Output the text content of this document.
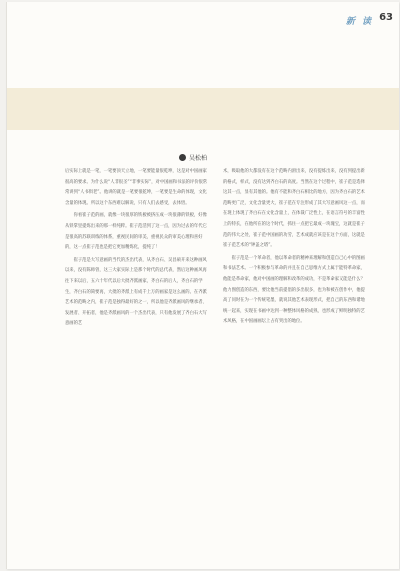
新 读 63
吴松柏

后实际上就是一笔，一笔要顶天立地，一笔要能量很乾坤，这是对中国画家很高的要求。为什么说“人非很圣”“非事实际”，对中国画和书法的评价很常常讲到“人书俱老”。他讲的就是一笔要很乾坤，一笔要是生命的体现，文化含量的体现。所以这个东西难以解说，只有人们去感受，去体悟。

你看崔子范的画，就像一块很厚的铁板被挤压成一块很薄的铁板，好像从铁掌里提炼出来的那一样纯粹。崔子范活到了这一点，因为过去的年代它是很高的苏联训练的体系，重视民间的审美，重视民众的审美心理和喜好的，这一点崔子范也是把它更加精炼化，提纯了！

崔子范是大写意画的当代的杰出代表，从齐白石、吴昌硕开来这种画风以来，没有陈师曾，这三大家实际上是那个时代的总代表，然后这种画风再往下来以后，五六十年代以后大批齐派画家，齐白石的后人，齐白石的学生，齐白石的简要再，大批的齐派上有成千上万的画家是这么画的。在齐派艺术的范畴之内，崔子范是独得最好的之一，所以他是齐派画风的继承者、发展者、开拓者，他是齐派画风的一个杰出代表，只有他发展了齐白石大写意画的艺

术，吸取他的大都没有在这个范畴内滑出来，没有提炼出来，没有到提出新的格式，样式，没有达到齐白石的高度。当然在这个过程中，崔子范是选择这其一点，显有其他的。他有不能和齐白石相比的地方，因为齐白石的艺术范畴更广泛，文化含量更大，崔子范在专注形成了其大写意画风这一点，而在现上体现了齐白石在文化含量上，在体裁广泛性上，在语言符号的丰富性上的特长，在他所在的这个时代，抓住一点把它最成一块瑰宝，这就是崔子范的伟大之处，崔子范中国画的功劳，艺术成就应该是在这个方面，这就是崔子范艺术的“钟盖之塔”。

崔子范是一个革命者，他以革命者的精神来理解和创造自己心中的图画和书法艺术。一个积极参与革命的并且在自己思维方式上属于能特革命家，他能是革命家，他对中国画的理解和改革的成功，不是革命家又能是什么？他力图创造的东西，要比他当前提倡的多出很多，也为和被在创作中，他提高了同时在为一个传统笔墨，就说其他艺术表现形式，把自己的东西和谐地统一起来，实现在书画中达到一种整体风格的成熟，也形成了鲜明独特的艺术风格，在中国画画坛上占有突出的地位。
